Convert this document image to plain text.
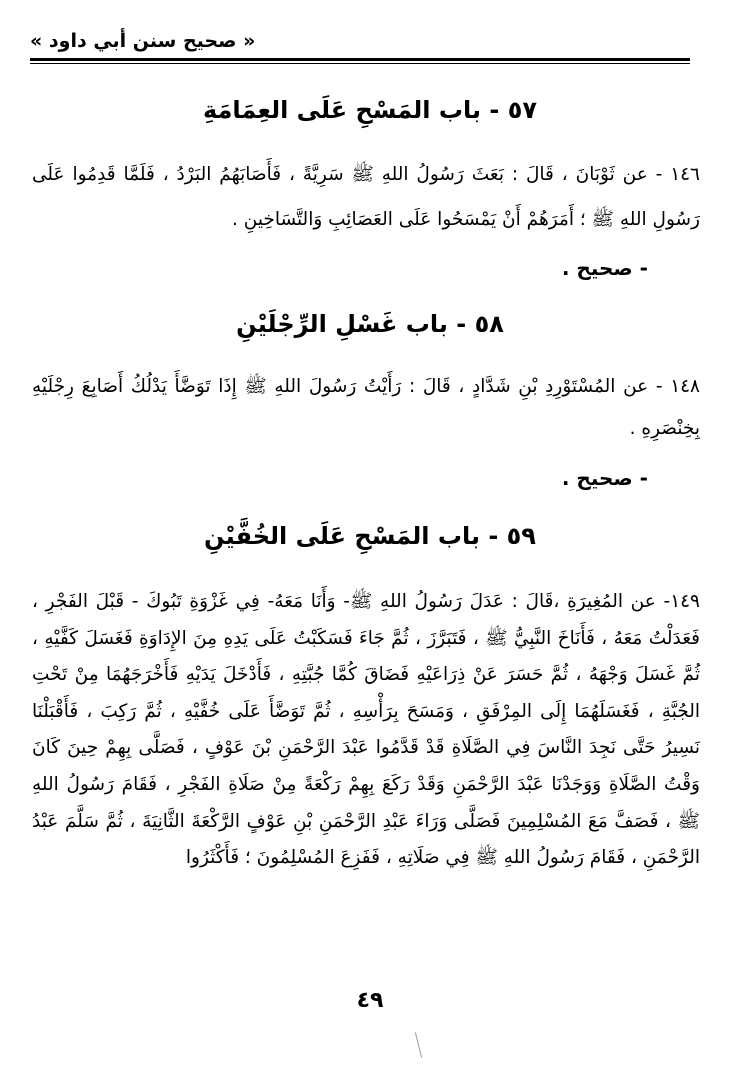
« صحيح سنن أبي داود »
٥٧ - باب المَسْحِ عَلَى العِمَامَةِ
١٤٦ - عن ثَوْبَانَ ، قَالَ : بَعَثَ رَسُولُ اللهِ ﷺ سَرِيَّةً ، فَأَصَابَهُمُ البَرْدُ ، فَلَمَّا قَدِمُوا عَلَى رَسُولِ اللهِ ﷺ ؛ أَمَرَهُمْ أَنْ يَمْسَحُوا عَلَى العَصَائِبِ وَالتَّسَاخِينِ .
- صحيح .
٥٨ - باب غَسْلِ الرِّجْلَيْنِ
١٤٨ - عن المُسْتَوْرِدِ بْنِ شَدَّادٍ ، قَالَ : رَأَيْتُ رَسُولَ اللهِ ﷺ إِذَا تَوَضَّأَ يَدْلُكُ أَصَابِعَ رِجْلَيْهِ بِخِنْصَرِهِ .
- صحيح .
٥٩ - باب المَسْحِ عَلَى الخُفَّيْنِ
١٤٩- عن المُغِيرَةِ ،قَالَ : عَدَلَ رَسُولُ اللهِ ﷺ- وَأَنَا مَعَهُ- فِي غَزْوَةِ تَبُوكَ - قَبْلَ الفَجْرِ ، فَعَدَلْتُ مَعَهُ ، فَأَنَاخَ النَّبِيُّ ﷺ ، فَتَبَرَّزَ ، ثُمَّ جَاءَ فَسَكَبْتُ عَلَى يَدِهِ مِنَ الإِدَاوَةِ فَغَسَلَ كَفَّيْهِ ، ثُمَّ غَسَلَ وَجْهَهُ ، ثُمَّ حَسَرَ عَنْ ذِرَاعَيْهِ فَضَاقَ كُمَّا جُبَّتِهِ ، فَأَدْخَلَ يَدَيْهِ فَأَخْرَجَهُمَا مِنْ تَحْتِ الجُبَّةِ ، فَغَسَلَهُمَا إِلَى المِرْفَقِ ، وَمَسَحَ بِرَأْسِهِ ، ثُمَّ تَوَضَّأَ عَلَى خُفَّيْهِ ، ثُمَّ رَكِبَ ، فَأَقْبَلْنَا نَسِيرُ حَتَّى نَجِدَ النَّاسَ فِي الصَّلَاةِ قَدْ قَدَّمُوا عَبْدَ الرَّحْمَنِ بْنَ عَوْفٍ ، فَصَلَّى بِهِمْ حِينَ كَانَ وَقْتُ الصَّلَاةِ وَوَجَدْنَا عَبْدَ الرَّحْمَنِ وَقَدْ رَكَعَ بِهِمْ رَكْعَةً مِنْ صَلَاةِ الفَجْرِ ، فَقَامَ رَسُولُ اللهِ ﷺ ، فَصَفَّ مَعَ المُسْلِمِينَ فَصَلَّى وَرَاءَ عَبْدِ الرَّحْمَنِ بْنِ عَوْفٍ الرَّكْعَةَ الثَّانِيَةَ ، ثُمَّ سَلَّمَ عَبْدُ الرَّحْمَنِ ، فَقَامَ رَسُولُ اللهِ ﷺ فِي صَلَاتِهِ ، فَفَزِعَ المُسْلِمُونَ ؛ فَأَكْثَرُوا
٤٩
